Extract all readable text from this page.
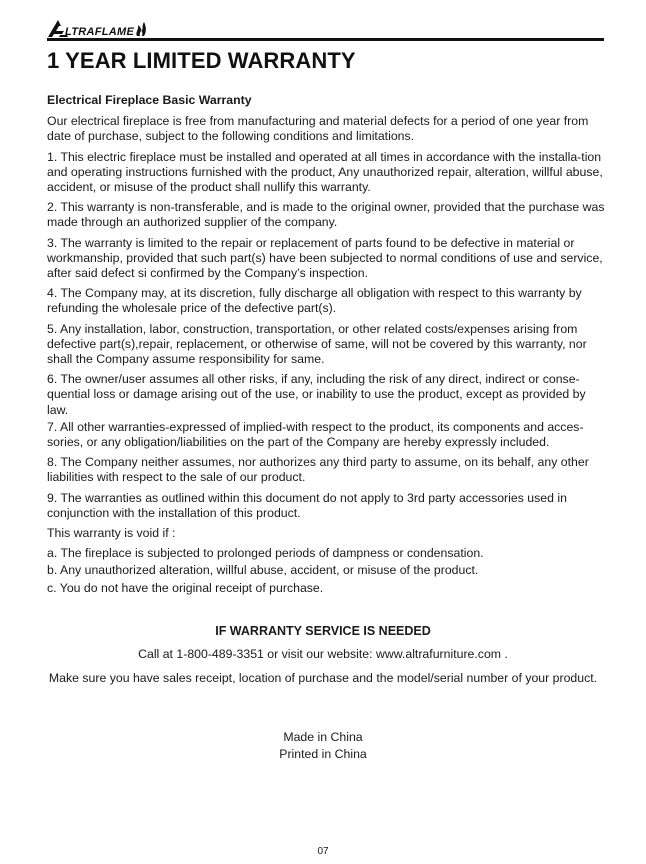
LTRAFLAME
1 YEAR LIMITED WARRANTY

Electrical Fireplace Basic Warranty

Our electrical fireplace is free from manufacturing and material defects for a period of one year from date of purchase, subject to the following conditions and limitations.

1. This electric fireplace must be installed and operated at all times in accordance with the installa-tion and operating instructions furnished with the product, Any unauthorized repair, alteration, willful abuse, accident, or misuse of the product shall nullify this warranty.

2. This warranty is non-transferable, and is made to the original owner, provided that the purchase was made through an authorized supplier of the company.

3. The warranty is limited to the repair or replacement of parts found to be defective in material or workmanship, provided that such part(s) have been subjected to normal conditions of use and service, after said defect si confirmed by the Company’s inspection.

4. The Company may, at its discretion, fully discharge all obligation with respect to this warranty by refunding the wholesale price of the defective part(s).

5. Any installation, labor, construction, transportation, or other related costs/expenses arising from defective part(s),repair, replacement, or otherwise of same, will not be covered by this warranty, nor shall the Company assume responsibility for same.

6. The owner/user assumes all other risks, if any, including the risk of any direct, indirect or conse-quential loss or damage arising out of the use, or inability to use the product, except as provided by law.

7. All other warranties-expressed of implied-with respect to the product, its components and acces-sories, or any obligation/liabilities on the part of the Company are hereby expressly included.

8. The Company neither assumes, nor authorizes any third party to assume, on its behalf, any other liabilities with respect to the sale of our product.

9. The warranties as outlined within this document do not apply to 3rd party accessories used in conjunction with the installation of this product.

This warranty is void if :

a. The fireplace is subjected to prolonged periods of dampness or condensation.

b. Any unauthorized alteration, willful abuse, accident, or misuse of the product.

c. You do not have the original receipt of purchase.

IF WARRANTY SERVICE IS NEEDED
Call at 1-800-489-3351 or visit our website: www.altrafurniture.com .
Make sure you have sales receipt, location of purchase and the model/serial number of your product.
Made in China
Printed in China
07
